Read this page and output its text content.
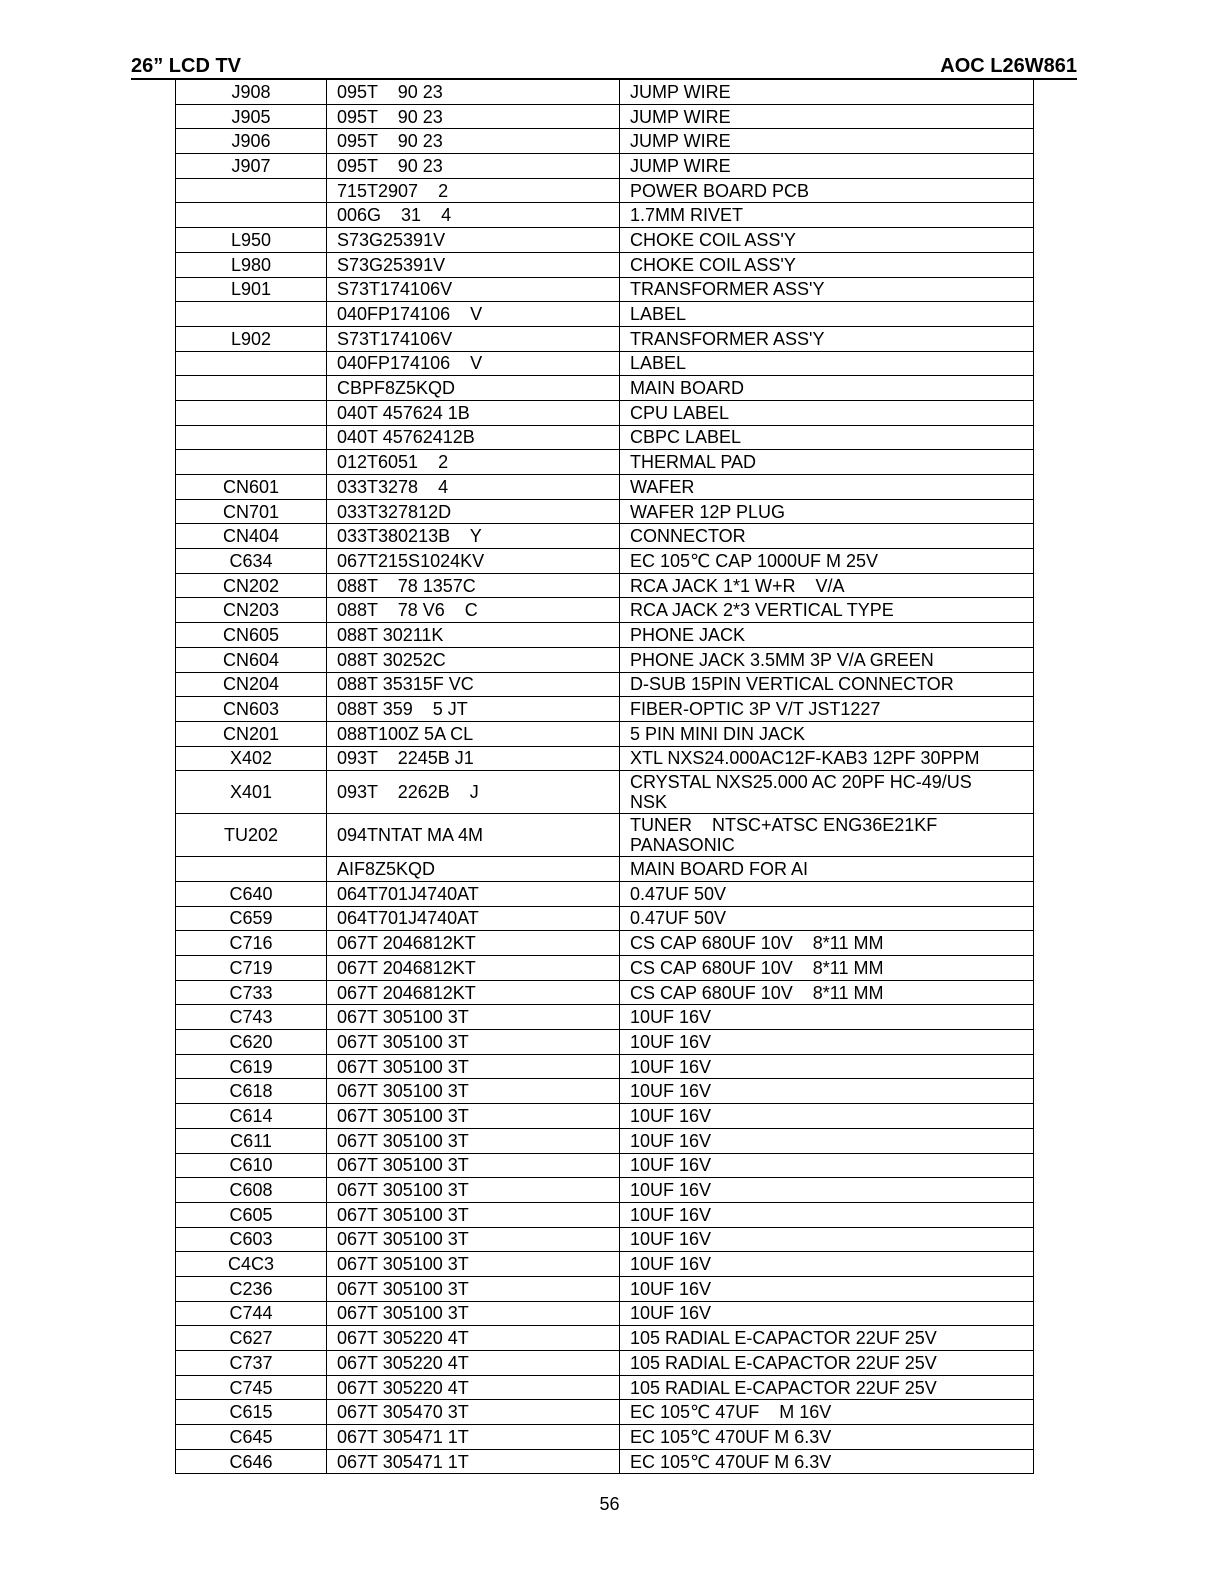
26” LCD TV	AOC L26W861
J908	095T    90 23	JUMP WIRE
J905	095T    90 23	JUMP WIRE
J906	095T    90 23	JUMP WIRE
J907	095T    90 23	JUMP WIRE
	715T2907    2	POWER BOARD PCB
	006G    31    4	1.7MM RIVET
L950	S73G25391V	CHOKE COIL ASS'Y
L980	S73G25391V	CHOKE COIL ASS'Y
L901	S73T174106V	TRANSFORMER ASS'Y
	040FP174106    V	LABEL
L902	S73T174106V	TRANSFORMER ASS'Y
	040FP174106    V	LABEL
	CBPF8Z5KQD	MAIN BOARD
	040T 457624 1B	CPU LABEL
	040T 45762412B	CBPC LABEL
	012T6051    2	THERMAL PAD
CN601	033T3278    4	WAFER
CN701	033T327812D	WAFER 12P PLUG
CN404	033T380213B    Y	CONNECTOR
C634	067T215S1024KV	EC 105℃ CAP 1000UF M 25V
CN202	088T    78 1357C	RCA JACK 1*1 W+R    V/A
CN203	088T    78 V6    C	RCA JACK 2*3 VERTICAL TYPE
CN605	088T 30211K	PHONE JACK
CN604	088T 30252C	PHONE JACK 3.5MM 3P V/A GREEN
CN204	088T 35315F VC	D-SUB 15PIN VERTICAL CONNECTOR
CN603	088T 359    5 JT	FIBER-OPTIC 3P V/T JST1227
CN201	088T100Z 5A CL	5 PIN MINI DIN JACK
X402	093T    2245B J1	XTL NXS24.000AC12F-KAB3 12PF 30PPM
X401	093T    2262B    J	CRYSTAL NXS25.000 AC 20PF HC-49/US
NSK
TU202	094TNTAT MA 4M	TUNER    NTSC+ATSC ENG36E21KF
PANASONIC
	AIF8Z5KQD	MAIN BOARD FOR AI
C640	064T701J4740AT	0.47UF 50V
C659	064T701J4740AT	0.47UF 50V
C716	067T 2046812KT	CS CAP 680UF 10V    8*11 MM
C719	067T 2046812KT	CS CAP 680UF 10V    8*11 MM
C733	067T 2046812KT	CS CAP 680UF 10V    8*11 MM
C743	067T 305100 3T	10UF 16V
C620	067T 305100 3T	10UF 16V
C619	067T 305100 3T	10UF 16V
C618	067T 305100 3T	10UF 16V
C614	067T 305100 3T	10UF 16V
C611	067T 305100 3T	10UF 16V
C610	067T 305100 3T	10UF 16V
C608	067T 305100 3T	10UF 16V
C605	067T 305100 3T	10UF 16V
C603	067T 305100 3T	10UF 16V
C4C3	067T 305100 3T	10UF 16V
C236	067T 305100 3T	10UF 16V
C744	067T 305100 3T	10UF 16V
C627	067T 305220 4T	105 RADIAL E-CAPACTOR 22UF 25V
C737	067T 305220 4T	105 RADIAL E-CAPACTOR 22UF 25V
C745	067T 305220 4T	105 RADIAL E-CAPACTOR 22UF 25V
C615	067T 305470 3T	EC 105℃ 47UF    M 16V
C645	067T 305471 1T	EC 105℃ 470UF M 6.3V
C646	067T 305471 1T	EC 105℃ 470UF M 6.3V
56
